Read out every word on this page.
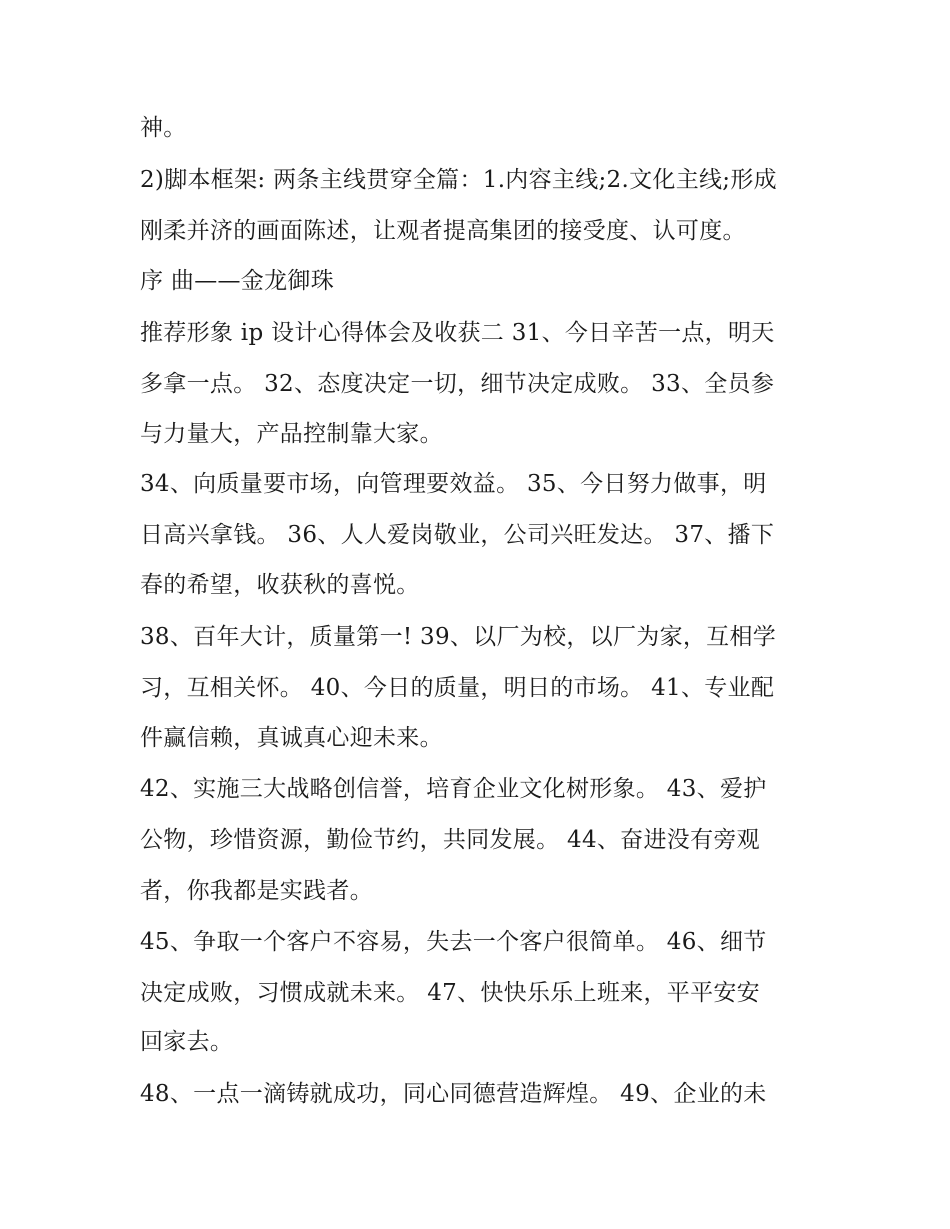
神。
2)脚本框架: 两条主线贯穿全篇：1.内容主线;2.文化主线;形成
刚柔并济的画面陈述，让观者提高集团的接受度、认可度。
序 曲——金龙御珠
推荐形象 ip 设计心得体会及收获二 31、今日辛苦一点，明天
多拿一点。 32、态度决定一切，细节决定成败。 33、全员参
与力量大，产品控制靠大家。
34、向质量要市场，向管理要效益。 35、今日努力做事，明
日高兴拿钱。 36、人人爱岗敬业，公司兴旺发达。 37、播下
春的希望，收获秋的喜悦。
38、百年大计，质量第一! 39、以厂为校，以厂为家，互相学
习，互相关怀。 40、今日的质量，明日的市场。 41、专业配
件赢信赖，真诚真心迎未来。
42、实施三大战略创信誉，培育企业文化树形象。 43、爱护
公物，珍惜资源，勤俭节约，共同发展。 44、奋进没有旁观
者，你我都是实践者。
45、争取一个客户不容易，失去一个客户很简单。 46、细节
决定成败，习惯成就未来。 47、快快乐乐上班来，平平安安
回家去。
48、一点一滴铸就成功，同心同德营造辉煌。 49、企业的未
